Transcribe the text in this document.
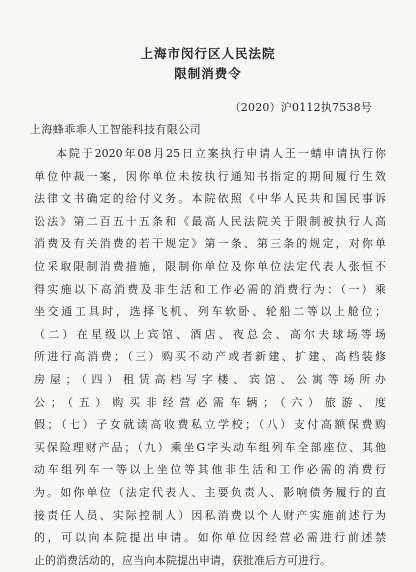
上海市闵行区人民法院
限制消费令
（2020）沪0112执7538号
上海蜂乖乖人工智能科技有限公司
本院于2020年08月25日立案执行申请人王一蜻申请执行你
单位仲裁一案，因你单位未按执行通知书指定的期间履行生效
法律文书确定的给付义务。本院依照《中华人民共和国民事诉
讼法》第二百五十五条和《最高人民法院关于限制被执行人高
消费及有关消费的若干规定》第一条、第三条的规定，对你单
位采取限制消费措施，限制你单位及你单位法定代表人张恒不
得实施以下高消费及非生活和工作必需的消费行为：（一）乘
坐交通工具时，选择飞机、列车软卧、轮船二等以上舱位；
（二）在星级以上宾馆、酒店、夜总会、高尔夫球场等场
所进行高消费；（三）购买不动产或者新建、扩建、高档装修
房屋；（四）租赁高档写字楼、宾馆、公寓等场所办
公；（五）购买非经营必需车辆；（六）旅游、度
假；（七）子女就读高收费私立学校；（八）支付高额保费购
买保险理财产品；（九）乘坐G字头动车组列车全部座位、其他
动车组列车一等以上坐位等其他非生活和工作必需的消费行
为。如你单位（法定代表人、主要负责人、影响债务履行的直
接责任人员、实际控制人）因私消费以个人财产实施前述行为
的，可以向本院提出申请。如你单位因经营必需进行前述禁
止的消费活动的，应当向本院提出申请，获批准后方可进行。
